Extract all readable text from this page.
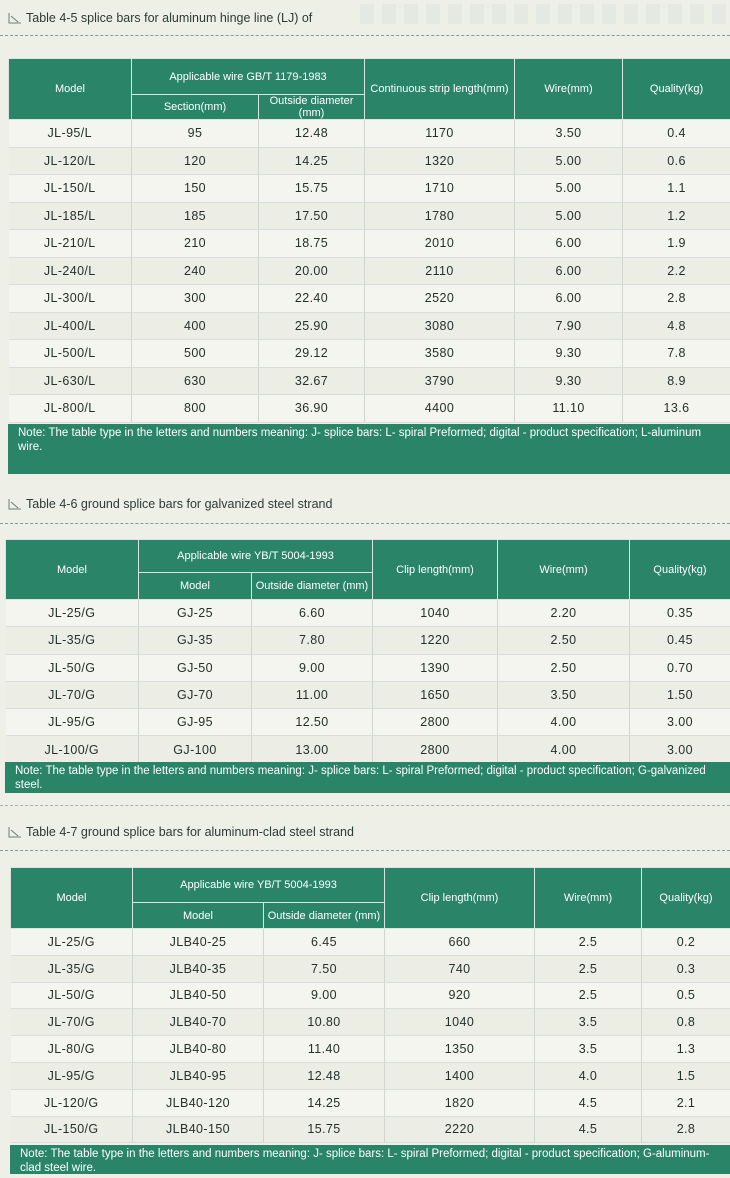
Table 4-5 splice bars for aluminum hinge line (LJ) of
Model	Applicable wire GB/T 1179-1983		Continuous strip length(mm)	Wire(mm)	Quality(kg)
	Section(mm)	Outside diameter (mm)			
JL-95/L	95	12.48	1170	3.50	0.4
JL-120/L	120	14.25	1320	5.00	0.6
JL-150/L	150	15.75	1710	5.00	1.1
JL-185/L	185	17.50	1780	5.00	1.2
JL-210/L	210	18.75	2010	6.00	1.9
JL-240/L	240	20.00	2110	6.00	2.2
JL-300/L	300	22.40	2520	6.00	2.8
JL-400/L	400	25.90	3080	7.90	4.8
JL-500/L	500	29.12	3580	9.30	7.8
JL-630/L	630	32.67	3790	9.30	8.9
JL-800/L	800	36.90	4400	11.10	13.6
Note: The table type in the letters and numbers meaning: J- splice bars: L- spiral Preformed; digital - product specification; L-aluminum wire.
Table 4-6 ground splice bars for galvanized steel strand
Model	Applicable wire YB/T 5004-1993		Clip length(mm)	Wire(mm)	Quality(kg)
	Model	Outside diameter (mm)			
JL-25/G	GJ-25	6.60	1040	2.20	0.35
JL-35/G	GJ-35	7.80	1220	2.50	0.45
JL-50/G	GJ-50	9.00	1390	2.50	0.70
JL-70/G	GJ-70	11.00	1650	3.50	1.50
JL-95/G	GJ-95	12.50	2800	4.00	3.00
JL-100/G	GJ-100	13.00	2800	4.00	3.00
Note: The table type in the letters and numbers meaning: J- splice bars: L- spiral Preformed; digital - product specification; G-galvanized steel.
Table 4-7 ground splice bars for aluminum-clad steel strand
Model	Applicable wire YB/T 5004-1993		Clip length(mm)	Wire(mm)	Quality(kg)
	Model	Outside diameter (mm)			
JL-25/G	JLB40-25	6.45	660	2.5	0.2
JL-35/G	JLB40-35	7.50	740	2.5	0.3
JL-50/G	JLB40-50	9.00	920	2.5	0.5
JL-70/G	JLB40-70	10.80	1040	3.5	0.8
JL-80/G	JLB40-80	11.40	1350	3.5	1.3
JL-95/G	JLB40-95	12.48	1400	4.0	1.5
JL-120/G	JLB40-120	14.25	1820	4.5	2.1
JL-150/G	JLB40-150	15.75	2220	4.5	2.8
Note: The table type in the letters and numbers meaning: J- splice bars: L- spiral Preformed; digital - product specification; G-aluminum-clad steel wire.
